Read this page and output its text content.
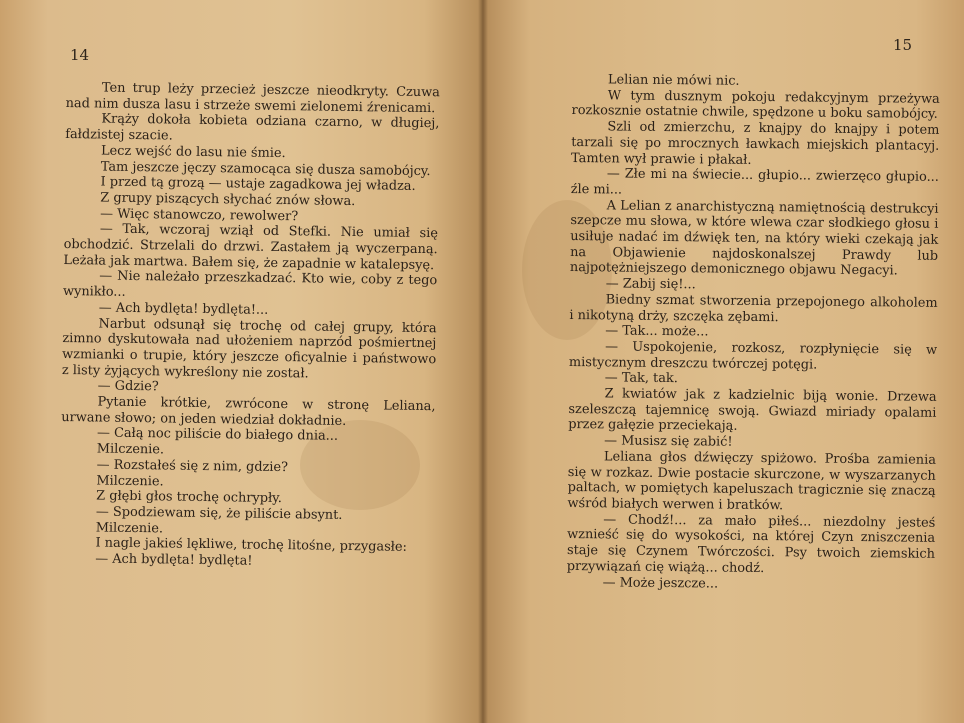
14

Ten trup leży przecież jeszcze nieodkryty. Czuwa nad nim dusza lasu i strzeże swemi zielonemi źrenicami.

Krąży dokoła kobieta odziana czarno, w długiej, fałdzistej szacie.

Lecz wejść do lasu nie śmie.

Tam jeszcze jęczy szamocąca się dusza samobójcy.

I przed tą grozą — ustaje zagadkowa jej władza.

Z grupy piszących słychać znów słowa.

— Więc stanowczo, rewolwer?

— Tak, wczoraj wziął od Stefki. Nie umiał się obchodzić. Strzelali do drzwi. Zastałem ją wyczerpaną. Leżała jak martwa. Bałem się, że zapadnie w katalepsyę.

— Nie należało przeszkadzać. Kto wie, coby z tego wynikło...

— Ach bydlęta! bydlęta!...

Narbut odsunął się trochę od całej grupy, która zimno dyskutowała nad ułożeniem naprzód pośmiertnej wzmianki o trupie, który jeszcze oficyalnie i państwowo z listy żyjących wykreślony nie został.

— Gdzie?

Pytanie krótkie, zwrócone w stronę Leliana, urwane słowo; on jeden wiedział dokładnie.

— Całą noc piliście do białego dnia...

Milczenie.

— Rozstałeś się z nim, gdzie?

Milczenie.

Z głębi głos trochę ochrypły.

— Spodziewam się, że piliście absynt.

Milczenie.

I nagle jakieś lękliwe, trochę litośne, przygasłe:

— Ach bydlęta! bydlęta!

15

Lelian nie mówi nic.

W tym dusznym pokoju redakcyjnym przeżywa rozkosznie ostatnie chwile, spędzone u boku samobójcy.

Szli od zmierzchu, z knajpy do knajpy i potem tarzali się po mrocznych ławkach miejskich plantacyj. Tamten wył prawie i płakał.

— Złe mi na świecie... głupio... zwierzęco głupio... źle mi...

A Lelian z anarchistyczną namiętnością destrukcyi szepcze mu słowa, w które wlewa czar słodkiego głosu i usiłuje nadać im dźwięk ten, na który wieki czekają jak na Objawienie najdoskonalszej Prawdy lub najpotężniejszego demonicznego objawu Negacyi.

— Zabij się!...

Biedny szmat stworzenia przepojonego alkoholem i nikotyną drży, szczęka zębami.

— Tak... może...

— Uspokojenie, rozkosz, rozpłynięcie się w mistycznym dreszczu twórczej potęgi.

— Tak, tak.

Z kwiatów jak z kadzielnic biją wonie. Drzewa szeleszczą tajemnicę swoją. Gwiazd miriady opalami przez gałęzie przeciekają.

— Musisz się zabić!

Leliana głos dźwięczy spiżowo. Prośba zamienia się w rozkaz. Dwie postacie skurczone, w wyszarzanych paltach, w pomiętych kapeluszach tragicznie się znaczą wśród białych werwen i bratków.

— Chodź!... za mało piłeś... niezdolny jesteś wznieść się do wysokości, na której Czyn zniszczenia staje się Czynem Twórczości. Psy twoich ziemskich przywiązań cię wiążą... chodź.

— Może jeszcze...
